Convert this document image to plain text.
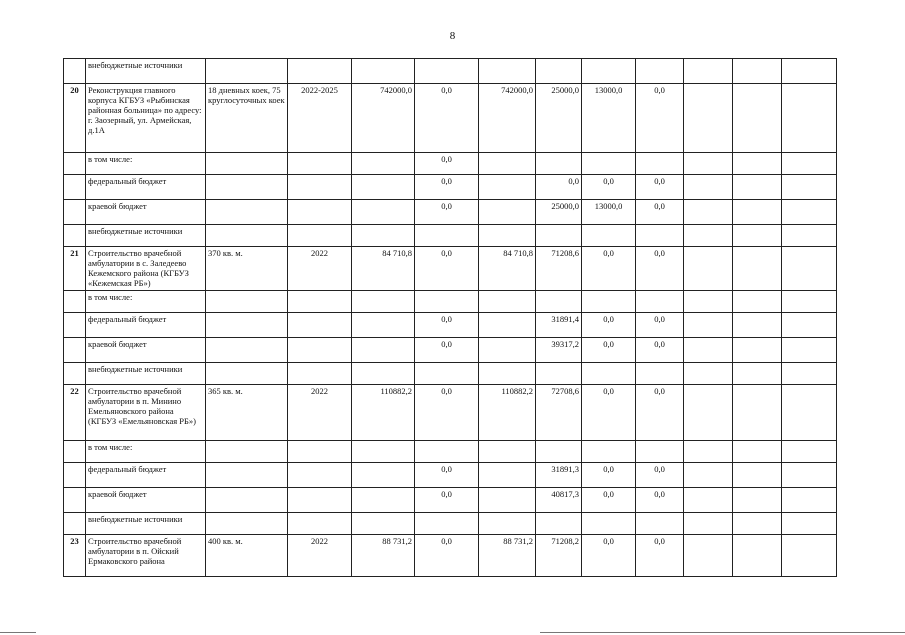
8
	внебюджетные источники											
20	Реконструкция главного корпуса КГБУЗ «Рыбинская районная больница» по адресу: г. Заозерный, ул. Армейская, д.1А	18 дневных коек, 75 круглосуточных коек	2022-2025	742000,0	0,0	742000,0	25000,0	13000,0	0,0			
	в том числе:				0,0							
	федеральный бюджет				0,0		0,0	0,0	0,0			
	краевой бюджет				0,0		25000,0	13000,0	0,0			
	внебюджетные источники											
21	Строительство врачебной амбулатории в с. Заледеево Кежемского района (КГБУЗ «Кежемская РБ»)	370 кв. м.	2022	84 710,8	0,0	84 710,8	71208,6	0,0	0,0			
	в том числе:											
	федеральный бюджет				0,0		31891,4	0,0	0,0			
	краевой бюджет				0,0		39317,2	0,0	0,0			
	внебюджетные источники											
22	Строительство врачебной амбулатории в п. Минино Емельяновского района (КГБУЗ «Емельяновская РБ»)	365 кв. м.	2022	110882,2	0,0	110882,2	72708,6	0,0	0,0			
	в том числе:											
	федеральный бюджет				0,0		31891,3	0,0	0,0			
	краевой бюджет				0,0		40817,3	0,0	0,0			
	внебюджетные источники											
23	Строительство врачебной амбулатории в п. Ойский Ермаковского района	400 кв. м.	2022	88 731,2	0,0	88 731,2	71208,2	0,0	0,0			
